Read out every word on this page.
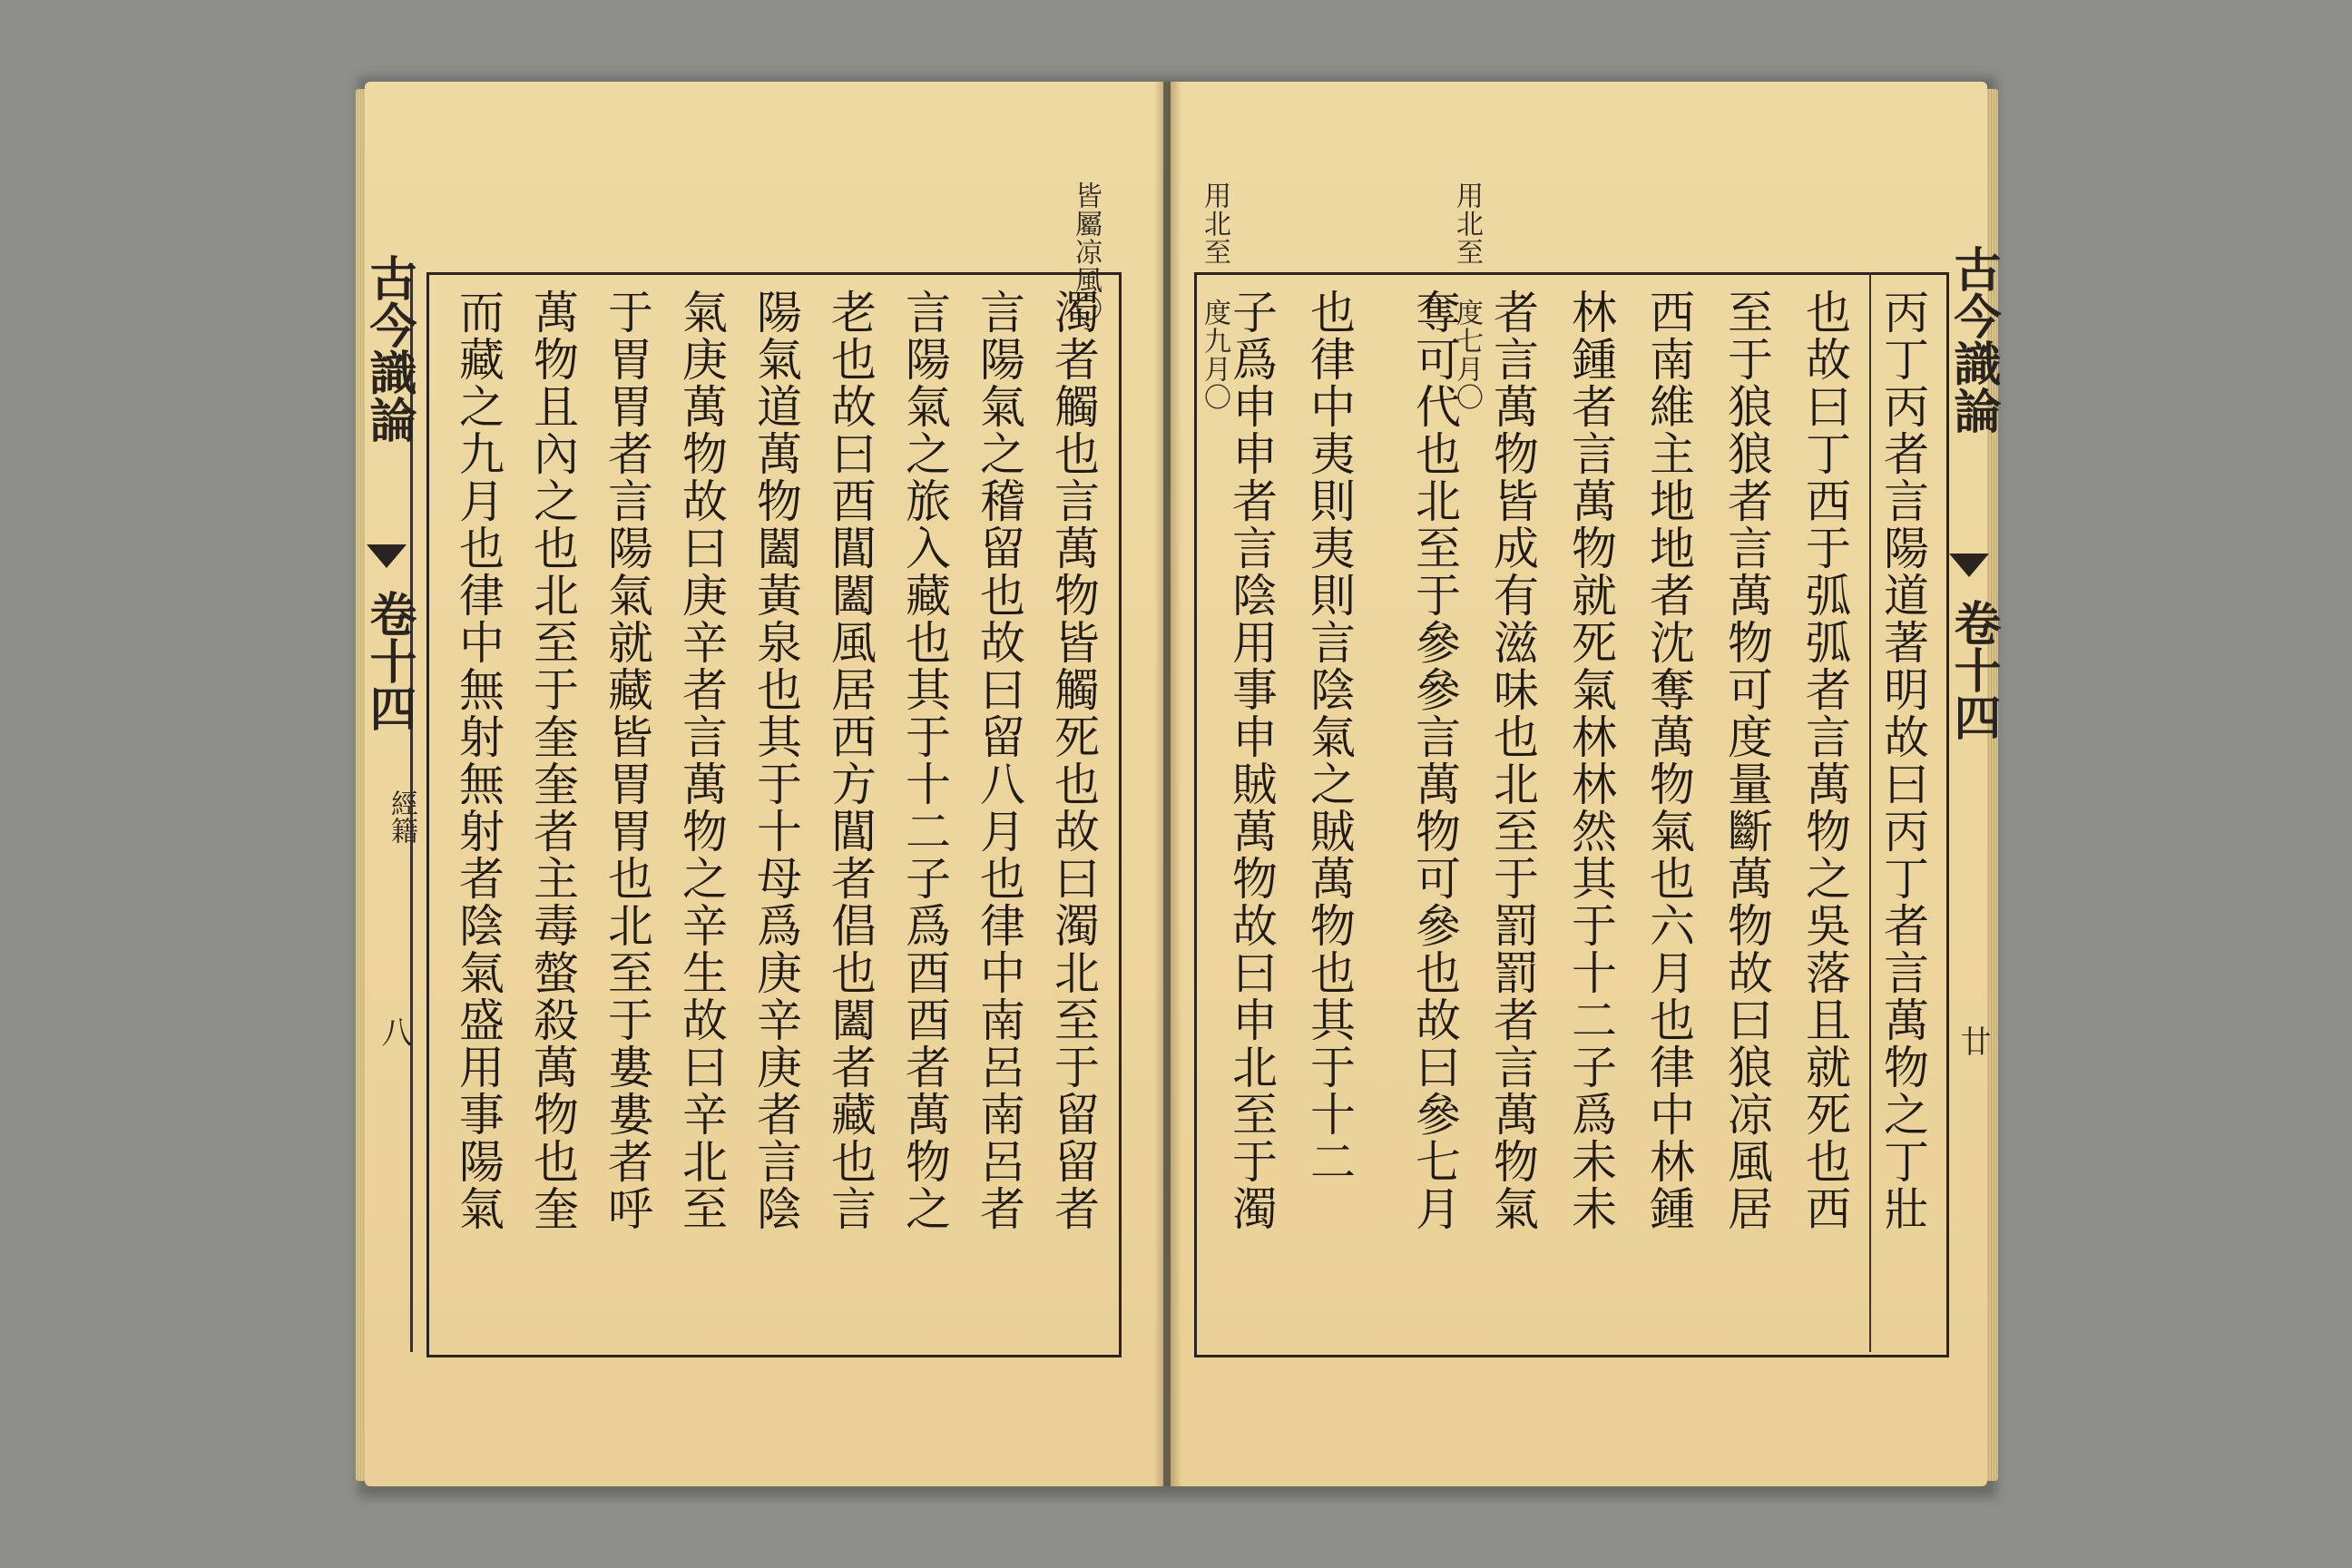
古今識論
卷十四
廿
用北至 度七月〇
用北至 度九月〇	丙丁丙者言陽道著明故曰丙丁者言萬物之丁壯
也故曰丁西于弧弧者言萬物之吳落且就死也西
至于狼狼者言萬物可度量斷萬物故曰狼凉風居
西南維主地地者沈奪萬物氣也六月也律中林鍾
林鍾者言萬物就死氣林林然其于十二子爲未未
者言萬物皆成有滋味也北至于罰罰者言萬物氣
奪可代也北至于參參言萬物可參也故曰參七月
也律中夷則夷則言陰氣之賊萬物也其于十二
子爲申申者言陰用事申賊萬物故曰申北至于濁
古今識論
卷十四
經籍
八
皆屬凉風〇
濁者觸也言萬物皆觸死也故曰濁北至于留留者
言陽氣之稽留也故曰留八月也律中南呂南呂者
言陽氣之旅入藏也其于十二子爲酉酉者萬物之
老也故曰酉閶闔風居西方閶者倡也闔者藏也言
陽氣道萬物闔黃泉也其于十母爲庚辛庚者言陰
氣庚萬物故曰庚辛者言萬物之辛生故曰辛北至
于胃胃者言陽氣就藏皆胃胃也北至于婁婁者呼
萬物且內之也北至于奎奎者主毒螫殺萬物也奎
而藏之九月也律中無射無射者陰氣盛用事陽氣
